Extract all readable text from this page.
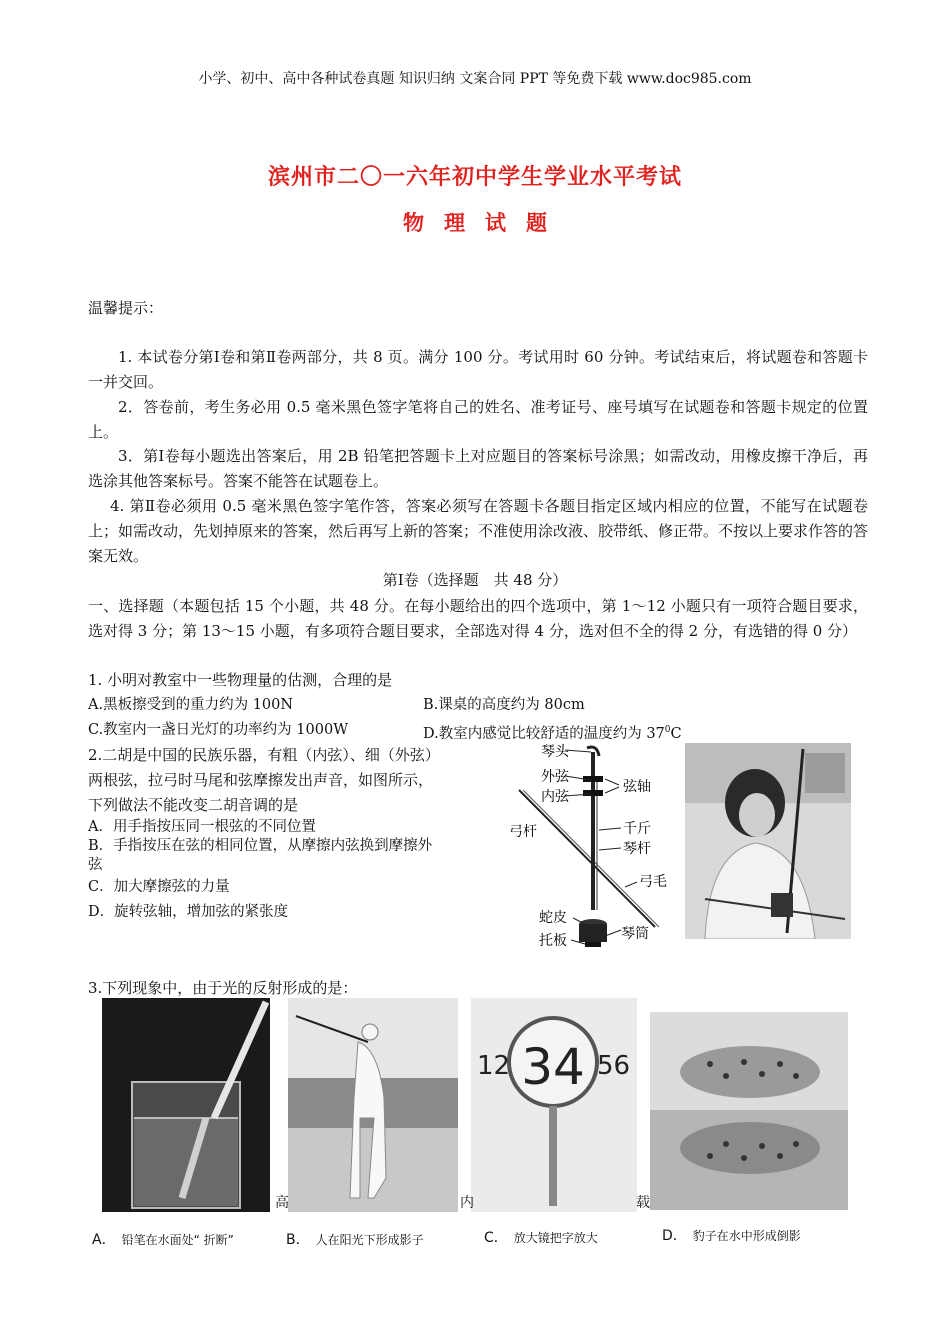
小学、初中、高中各种试卷真题 知识归纳 文案合同 PPT 等免费下载 www.doc985.com
滨州市二〇一六年初中学生学业水平考试
物 理 试 题
温馨提示：
1. 本试卷分第Ⅰ卷和第Ⅱ卷两部分，共 8 页。满分 100 分。考试用时 60 分钟。考试结束后，将试题卷和答题卡一并交回。
2．答卷前，考生务必用 0.5 毫米黑色签字笔将自己的姓名、准考证号、座号填写在试题卷和答题卡规定的位置上。
3．第Ⅰ卷每小题选出答案后，用 2B 铅笔把答题卡上对应题目的答案标号涂黑；如需改动，用橡皮擦干净后，再选涂其他答案标号。答案不能答在试题卷上。
4. 第Ⅱ卷必须用 0.5 毫米黑色签字笔作答，答案必须写在答题卡各题目指定区域内相应的位置，不能写在试题卷上；如需改动，先划掉原来的答案，然后再写上新的答案；不准使用涂改液、胶带纸、修正带。不按以上要求作答的答案无效。
第Ⅰ卷（选择题　共 48 分）
一、选择题（本题包括 15 个小题，共 48 分。在每小题给出的四个选项中，第 1～12 小题只有一项符合题目要求，选对得 3 分；第 13～15 小题，有多项符合题目要求，全部选对得 4 分，选对但不全的得 2 分，有选错的得 0 分）
1. 小明对教室中一些物理量的估测，合理的是
A.黑板擦受到的重力约为 100N	B.课桌的高度约为 80cm
C.教室内一盏日光灯的功率约为 1000W	D.教室内感觉比较舒适的温度约为 $37^0C$
2.二胡是中国的民族乐器，有粗（内弦）、细（外弦）
两根弦，拉弓时马尾和弦摩擦发出声音，如图所示，
下列做法不能改变二胡音调的是
A．用手指按压同一根弦的不同位置
B．手指按压在弦的相同位置，从摩擦内弦换到摩擦外
弦
C．加大摩擦弦的力量
D．旋转弦轴，增加弦的紧张度
琴头
外弦
内弦
弦轴
弓杆	千斤
琴杆
弓毛
蛇皮
托板	琴筒
3.下列现象中，由于光的反射形成的是：
12 34 56
高	内	载
A． 铅笔在水面处“ 折断”	B． 人在阳光下形成影子	C． 放大镜把字放大	D． 豹子在水中形成倒影
